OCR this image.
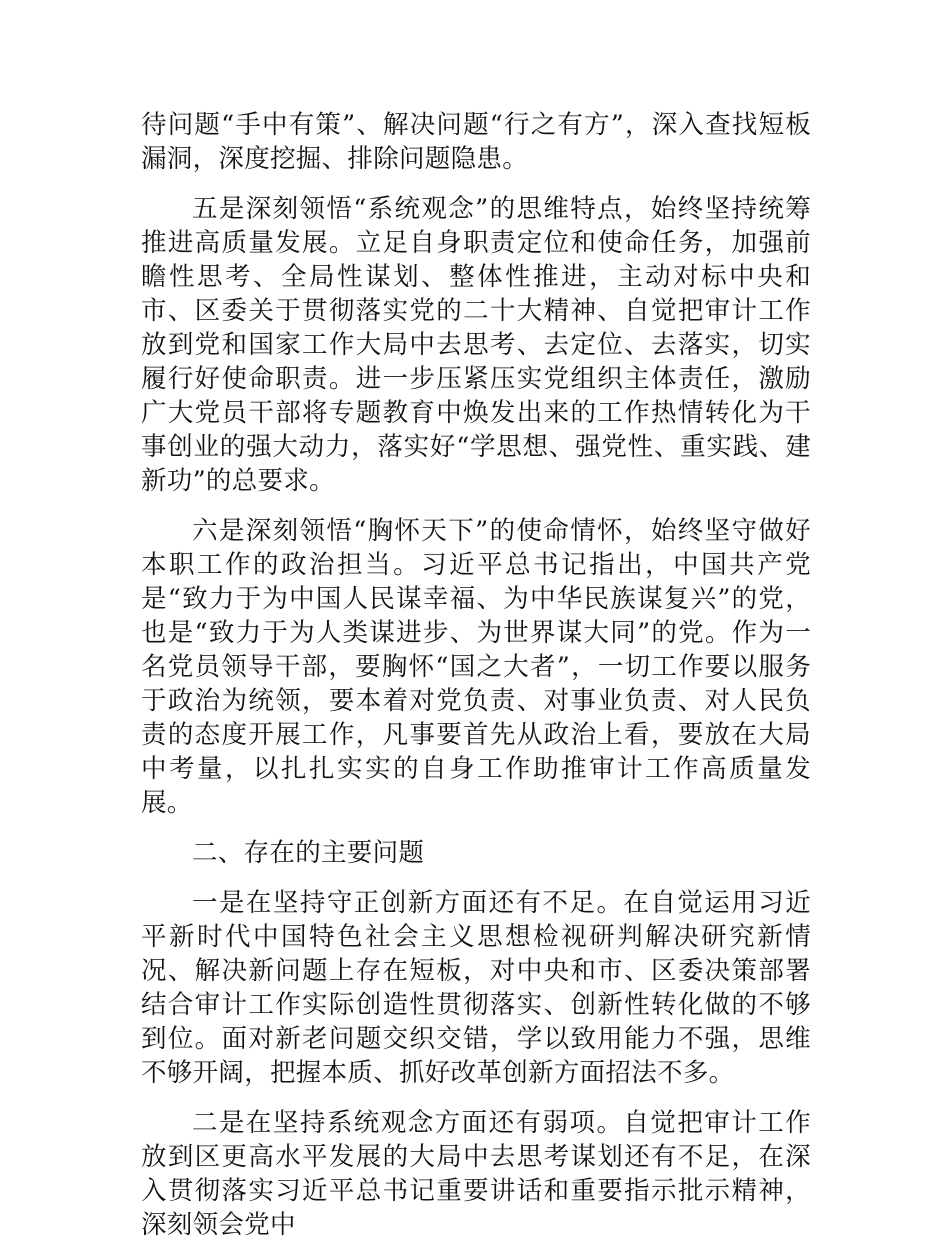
待问题“手中有策”、解决问题“行之有方”，深入查找短板漏洞，深度挖掘、排除问题隐患。

五是深刻领悟“系统观念”的思维特点，始终坚持统筹推进高质量发展。立足自身职责定位和使命任务，加强前瞻性思考、全局性谋划、整体性推进，主动对标中央和市、区委关于贯彻落实党的二十大精神、自觉把审计工作放到党和国家工作大局中去思考、去定位、去落实，切实履行好使命职责。进一步压紧压实党组织主体责任，激励广大党员干部将专题教育中焕发出来的工作热情转化为干事创业的强大动力，落实好“学思想、强党性、重实践、建新功”的总要求。

六是深刻领悟“胸怀天下”的使命情怀，始终坚守做好本职工作的政治担当。习近平总书记指出，中国共产党是“致力于为中国人民谋幸福、为中华民族谋复兴”的党，也是“致力于为人类谋进步、为世界谋大同”的党。作为一名党员领导干部，要胸怀“国之大者”，一切工作要以服务于政治为统领，要本着对党负责、对事业负责、对人民负责的态度开展工作，凡事要首先从政治上看，要放在大局中考量，以扎扎实实的自身工作助推审计工作高质量发展。

二、存在的主要问题

一是在坚持守正创新方面还有不足。在自觉运用习近平新时代中国特色社会主义思想检视研判解决研究新情况、解决新问题上存在短板，对中央和市、区委决策部署结合审计工作实际创造性贯彻落实、创新性转化做的不够到位。面对新老问题交织交错，学以致用能力不强，思维不够开阔，把握本质、抓好改革创新方面招法不多。

二是在坚持系统观念方面还有弱项。自觉把审计工作放到区更高水平发展的大局中去思考谋划还有不足，在深入贯彻落实习近平总书记重要讲话和重要指示批示精神，深刻领会党中
